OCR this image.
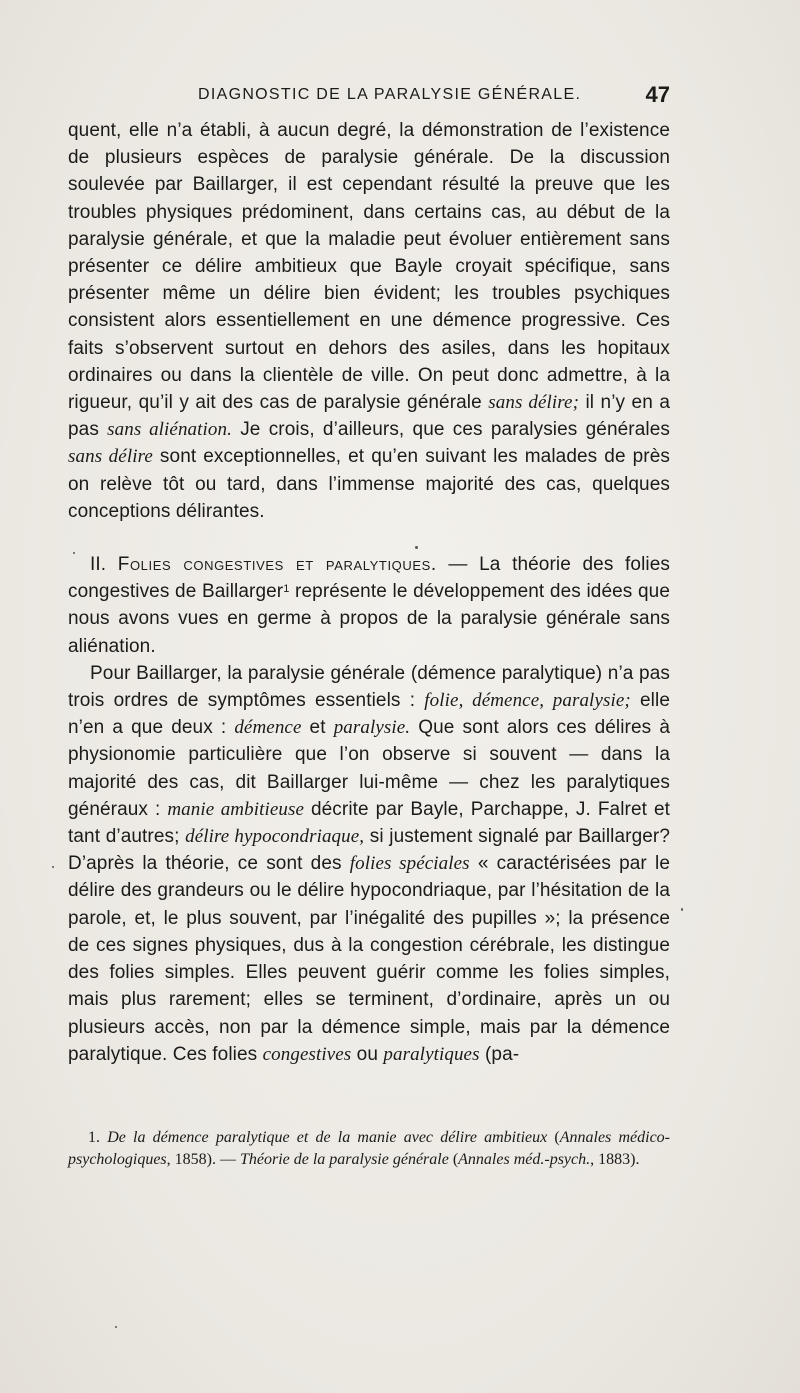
DIAGNOSTIC DE LA PARALYSIE GÉNÉRALE.	47

quent, elle n’a établi, à aucun degré, la démonstration de l’existence de plusieurs espèces de paralysie générale. De la discussion soulevée par Baillarger, il est cependant résulté la preuve que les troubles physiques prédominent, dans certains cas, au début de la paralysie générale, et que la maladie peut évoluer entièrement sans présenter ce délire ambitieux que Bayle croyait spécifique, sans présenter même un délire bien évident; les troubles psychiques consistent alors essentiellement en une démence progressive. Ces faits s’observent surtout en dehors des asiles, dans les hopitaux ordinaires ou dans la clientèle de ville. On peut donc admettre, à la rigueur, qu’il y ait des cas de paralysie générale sans délire; il n’y en a pas sans aliénation. Je crois, d’ailleurs, que ces paralysies générales sans délire sont exceptionnelles, et qu’en suivant les malades de près on relève tôt ou tard, dans l’immense majorité des cas, quelques conceptions délirantes.

II. Folies congestives et paralytiques. — La théorie des folies congestives de Baillarger$^1$ représente le développement des idées que nous avons vues en germe à propos de la paralysie générale sans aliénation.

Pour Baillarger, la paralysie générale (démence paralytique) n’a pas trois ordres de symptômes essentiels : folie, démence, paralysie; elle n’en a que deux : démence et paralysie. Que sont alors ces délires à physionomie particulière que l’on observe si souvent — dans la majorité des cas, dit Baillarger lui-même — chez les paralytiques généraux : manie ambitieuse décrite par Bayle, Parchappe, J. Falret et tant d’autres; délire hypocondriaque, si justement signalé par Baillarger? D’après la théorie, ce sont des folies spéciales « caractérisées par le délire des grandeurs ou le délire hypocondriaque, par l’hésitation de la parole, et, le plus souvent, par l’inégalité des pupilles »; la présence de ces signes physiques, dus à la congestion cérébrale, les distingue des folies simples. Elles peuvent guérir comme les folies simples, mais plus rarement; elles se terminent, d’ordinaire, après un ou plusieurs accès, non par la démence simple, mais par la démence paralytique. Ces folies congestives ou paralytiques (pa-

1. De la démence paralytique et de la manie avec délire ambitieux (Annales médico-psychologiques, 1858). — Théorie de la paralysie générale (Annales méd.-psych., 1883).
